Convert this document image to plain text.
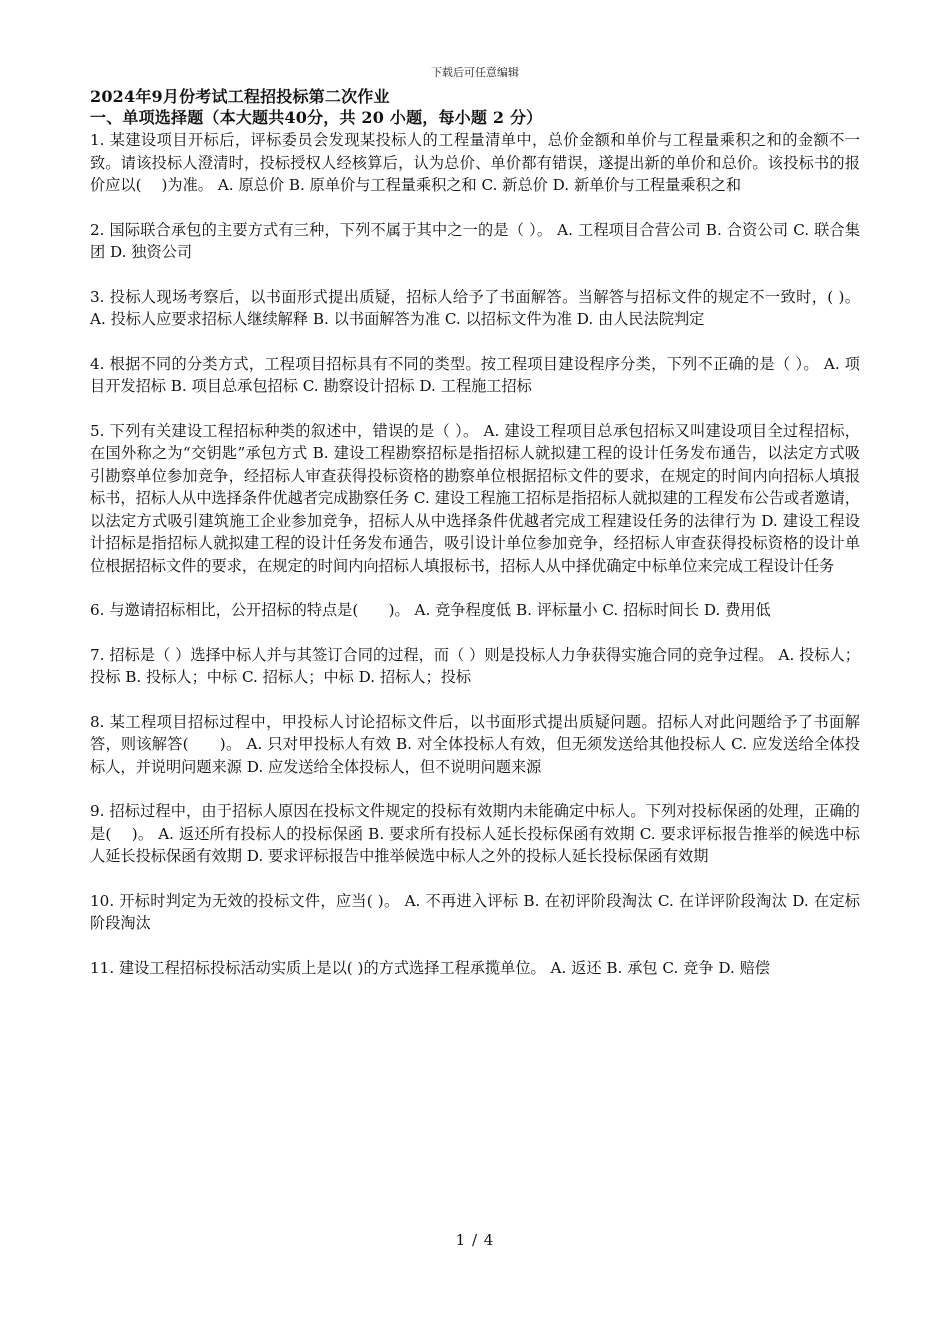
下载后可任意编辑
2024年9月份考试工程招投标第二次作业
一、单项选择题（本大题共40分，共 20 小题，每小题 2 分）

1. 某建设项目开标后，评标委员会发现某投标人的工程量清单中，总价金额和单价与工程量乘积之和的金额不一致。请该投标人澄清时，投标授权人经核算后，认为总价、单价都有错误，遂提出新的单价和总价。该投标书的报价应以(　 )为准。 A. 原总价 B. 原单价与工程量乘积之和 C. 新总价 D. 新单价与工程量乘积之和

2. 国际联合承包的主要方式有三种，下列不属于其中之一的是（ ）。 A. 工程项目合营公司 B. 合资公司 C. 联合集团 D. 独资公司

3. 投标人现场考察后，以书面形式提出质疑，招标人给予了书面解答。当解答与招标文件的规定不一致时，( )。 A. 投标人应要求招标人继续解释 B. 以书面解答为准 C. 以招标文件为准 D. 由人民法院判定

4. 根据不同的分类方式，工程项目招标具有不同的类型。按工程项目建设程序分类，下列不正确的是（ ）。 A. 项目开发招标 B. 项目总承包招标 C. 勘察设计招标 D. 工程施工招标

5. 下列有关建设工程招标种类的叙述中，错误的是（ ）。 A. 建设工程项目总承包招标又叫建设项目全过程招标，在国外称之为“交钥匙”承包方式 B. 建设工程勘察招标是指招标人就拟建工程的设计任务发布通告，以法定方式吸引勘察单位参加竞争，经招标人审查获得投标资格的勘察单位根据招标文件的要求，在规定的时间内向招标人填报标书，招标人从中选择条件优越者完成勘察任务 C. 建设工程施工招标是指招标人就拟建的工程发布公告或者邀请，以法定方式吸引建筑施工企业参加竞争，招标人从中选择条件优越者完成工程建设任务的法律行为 D. 建设工程设计招标是指招标人就拟建工程的设计任务发布通告，吸引设计单位参加竞争，经招标人审查获得投标资格的设计单位根据招标文件的要求，在规定的时间内向招标人填报标书，招标人从中择优确定中标单位来完成工程设计任务

6. 与邀请招标相比，公开招标的特点是(　　)。 A. 竞争程度低 B. 评标量小 C. 招标时间长 D. 费用低

7. 招标是（ ）选择中标人并与其签订合同的过程，而（ ）则是投标人力争获得实施合同的竞争过程。 A. 投标人；投标 B. 投标人；中标 C. 招标人；中标 D. 招标人；投标

8. 某工程项目招标过程中，甲投标人讨论招标文件后，以书面形式提出质疑问题。招标人对此问题给予了书面解答，则该解答(　　)。 A. 只对甲投标人有效 B. 对全体投标人有效，但无须发送给其他投标人 C. 应发送给全体投标人，并说明问题来源 D. 应发送给全体投标人，但不说明问题来源

9. 招标过程中，由于招标人原因在投标文件规定的投标有效期内未能确定中标人。下列对投标保函的处理，正确的是(　 )。 A. 返还所有投标人的投标保函 B. 要求所有投标人延长投标保函有效期 C. 要求评标报告推举的候选中标人延长投标保函有效期 D. 要求评标报告中推举候选中标人之外的投标人延长投标保函有效期

10. 开标时判定为无效的投标文件，应当( )。 A. 不再进入评标 B. 在初评阶段淘汰 C. 在详评阶段淘汰 D. 在定标阶段淘汰

11. 建设工程招标投标活动实质上是以( )的方式选择工程承揽单位。 A. 返还 B. 承包 C. 竞争 D. 赔偿

1 / 4
